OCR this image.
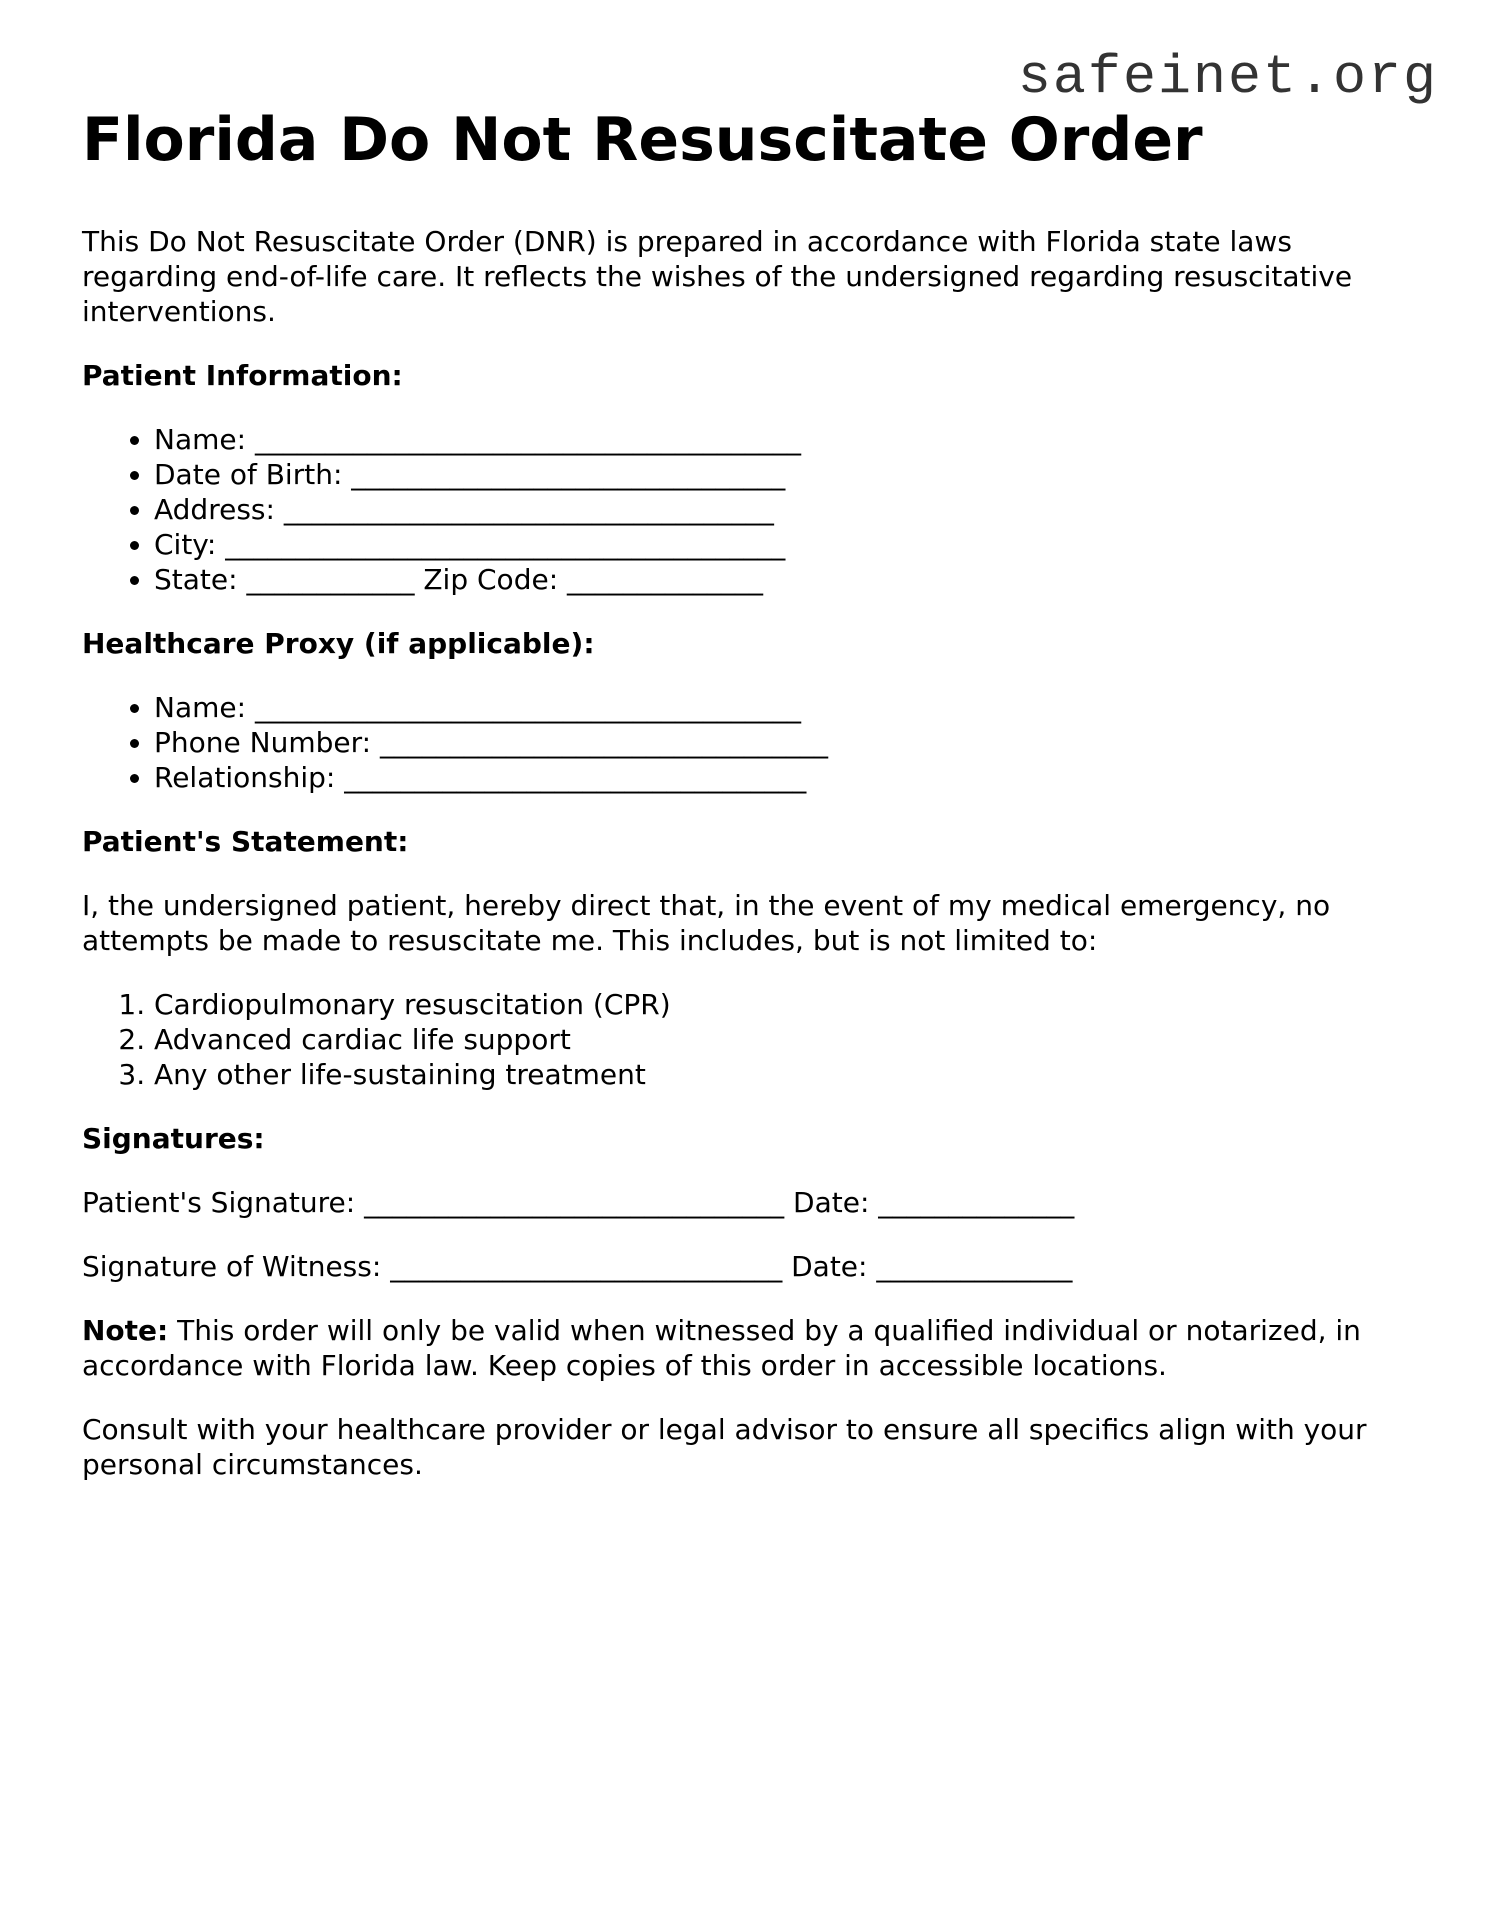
safeinet.org
Florida Do Not Resuscitate Order

This Do Not Resuscitate Order (DNR) is prepared in accordance with Florida state laws regarding end-of-life care. It reflects the wishes of the undersigned regarding resuscitative interventions.

Patient Information:
• Name: _______________________________________
• Date of Birth: _______________________________
• Address: ___________________________________
• City: ________________________________________
• State: ____________ Zip Code: ______________
Healthcare Proxy (if applicable):
• Name: _______________________________________
• Phone Number: ________________________________
• Relationship: _________________________________
Patient's Statement:

I, the undersigned patient, hereby direct that, in the event of my medical emergency, no attempts be made to resuscitate me. This includes, but is not limited to:

1. Cardiopulmonary resuscitation (CPR)
2. Advanced cardiac life support
3. Any other life-sustaining treatment
Signatures:
Patient's Signature: ______________________________ Date: ______________
Signature of Witness: ____________________________ Date: ______________

Note: This order will only be valid when witnessed by a qualified individual or notarized, in accordance with Florida law. Keep copies of this order in accessible locations.

Consult with your healthcare provider or legal advisor to ensure all specifics align with your personal circumstances.
